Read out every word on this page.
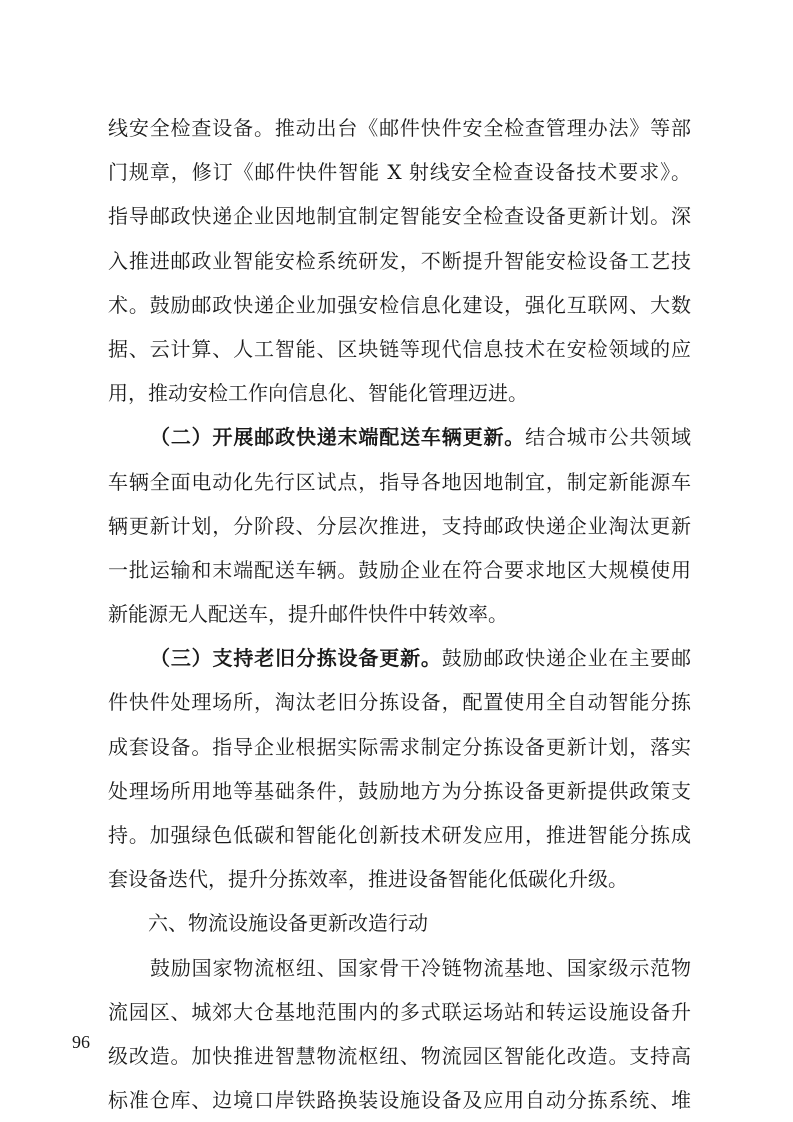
线安全检查设备。推动出台《邮件快件安全检查管理办法》等部
门规章，修订《邮件快件智能 X 射线安全检查设备技术要求》。
指导邮政快递企业因地制宜制定智能安全检查设备更新计划。深
入推进邮政业智能安检系统研发，不断提升智能安检设备工艺技
术。鼓励邮政快递企业加强安检信息化建设，强化互联网、大数
据、云计算、人工智能、区块链等现代信息技术在安检领域的应
用，推动安检工作向信息化、智能化管理迈进。
（二）开展邮政快递末端配送车辆更新。结合城市公共领域
车辆全面电动化先行区试点，指导各地因地制宜，制定新能源车
辆更新计划，分阶段、分层次推进，支持邮政快递企业淘汰更新
一批运输和末端配送车辆。鼓励企业在符合要求地区大规模使用
新能源无人配送车，提升邮件快件中转效率。
（三）支持老旧分拣设备更新。鼓励邮政快递企业在主要邮
件快件处理场所，淘汰老旧分拣设备，配置使用全自动智能分拣
成套设备。指导企业根据实际需求制定分拣设备更新计划，落实
处理场所用地等基础条件，鼓励地方为分拣设备更新提供政策支
持。加强绿色低碳和智能化创新技术研发应用，推进智能分拣成
套设备迭代，提升分拣效率，推进设备智能化低碳化升级。
六、物流设施设备更新改造行动
鼓励国家物流枢纽、国家骨干冷链物流基地、国家级示范物
流园区、城郊大仓基地范围内的多式联运场站和转运设施设备升
级改造。加快推进智慧物流枢纽、物流园区智能化改造。支持高
标准仓库、边境口岸铁路换装设施设备及应用自动分拣系统、堆
96
